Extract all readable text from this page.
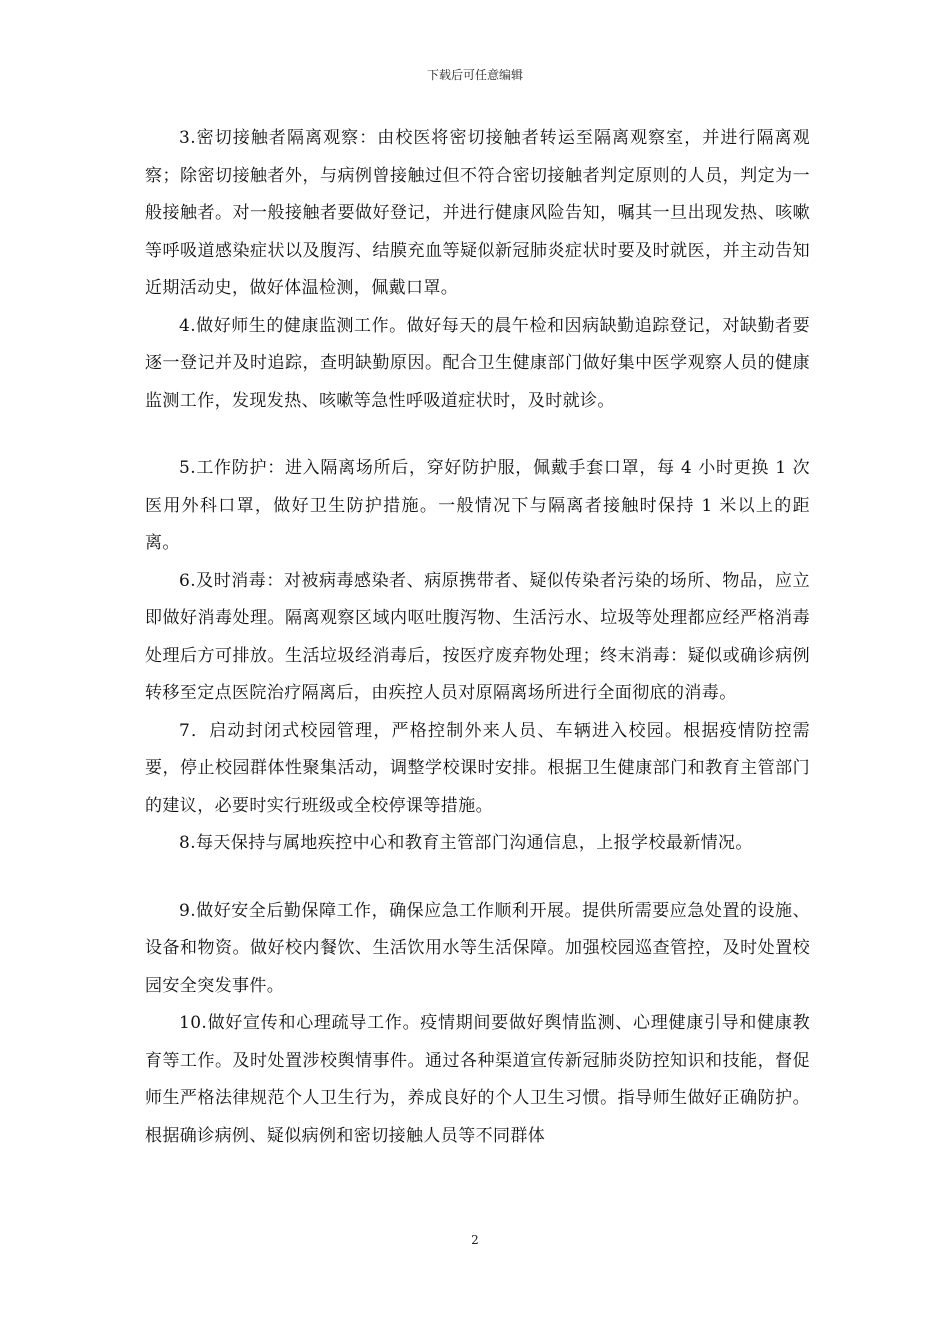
下载后可任意编辑

3.密切接触者隔离观察：由校医将密切接触者转运至隔离观察室，并进行隔离观察；除密切接触者外，与病例曾接触过但不符合密切接触者判定原则的人员，判定为一般接触者。对一般接触者要做好登记，并进行健康风险告知，嘱其一旦出现发热、咳嗽等呼吸道感染症状以及腹泻、结膜充血等疑似新冠肺炎症状时要及时就医，并主动告知近期活动史，做好体温检测，佩戴口罩。

4.做好师生的健康监测工作。做好每天的晨午检和因病缺勤追踪登记，对缺勤者要逐一登记并及时追踪，查明缺勤原因。配合卫生健康部门做好集中医学观察人员的健康监测工作，发现发热、咳嗽等急性呼吸道症状时，及时就诊。

5.工作防护：进入隔离场所后，穿好防护服，佩戴手套口罩，每 4 小时更换 1 次医用外科口罩，做好卫生防护措施。一般情况下与隔离者接触时保持 1 米以上的距离。

6.及时消毒：对被病毒感染者、病原携带者、疑似传染者污染的场所、物品，应立即做好消毒处理。隔离观察区域内呕吐腹泻物、生活污水、垃圾等处理都应经严格消毒处理后方可排放。生活垃圾经消毒后，按医疗废弃物处理；终末消毒：疑似或确诊病例转移至定点医院治疗隔离后，由疾控人员对原隔离场所进行全面彻底的消毒。

7．启动封闭式校园管理，严格控制外来人员、车辆进入校园。根据疫情防控需要，停止校园群体性聚集活动，调整学校课时安排。根据卫生健康部门和教育主管部门的建议，必要时实行班级或全校停课等措施。

8.每天保持与属地疾控中心和教育主管部门沟通信息，上报学校最新情况。

9.做好安全后勤保障工作，确保应急工作顺利开展。提供所需要应急处置的设施、设备和物资。做好校内餐饮、生活饮用水等生活保障。加强校园巡查管控，及时处置校园安全突发事件。

10.做好宣传和心理疏导工作。疫情期间要做好舆情监测、心理健康引导和健康教育等工作。及时处置涉校舆情事件。通过各种渠道宣传新冠肺炎防控知识和技能，督促师生严格法律规范个人卫生行为，养成良好的个人卫生习惯。指导师生做好正确防护。根据确诊病例、疑似病例和密切接触人员等不同群体

2
